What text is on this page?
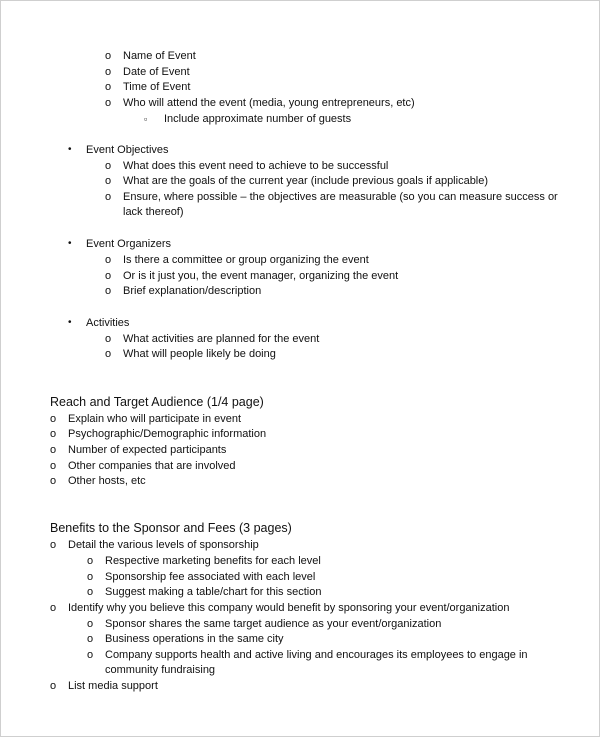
o Name of Event
o Date of Event
o Time of Event
o Who will attend the event (media, young entrepreneurs, etc)
▫ Include approximate number of guests
• Event Objectives
o What does this event need to achieve to be successful
o What are the goals of the current year (include previous goals if applicable)
o Ensure, where possible – the objectives are measurable (so you can measure success or
lack thereof)
• Event Organizers
o Is there a committee or group organizing the event
o Or is it just you, the event manager, organizing the event
o Brief explanation/description
• Activities
o What activities are planned for the event
o What will people likely be doing
Reach and Target Audience (1/4 page)
o Explain who will participate in event
o Psychographic/Demographic information
o Number of expected participants
o Other companies that are involved
o Other hosts, etc
Benefits to the Sponsor and Fees (3 pages)
o Detail the various levels of sponsorship
o Respective marketing benefits for each level
o Sponsorship fee associated with each level
o Suggest making a table/chart for this section
o Identify why you believe this company would benefit by sponsoring your event/organization
o Sponsor shares the same target audience as your event/organization
o Business operations in the same city
o Company supports health and active living and encourages its employees to engage in
community fundraising
o List media support
